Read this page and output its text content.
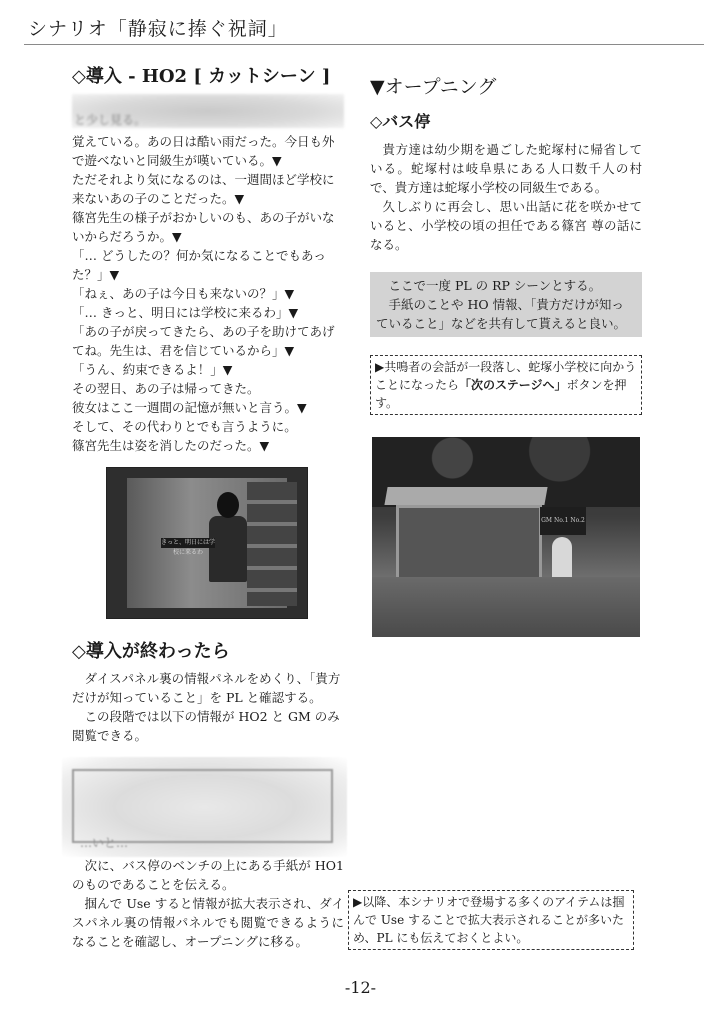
シナリオ「静寂に捧ぐ祝詞」
◇導入 - HO2 [ カットシーン ]
と少し見る。

覚えている。あの日は酷い雨だった。今日も外で遊べないと同級生が嘆いている。▼

ただそれより気になるのは、一週間ほど学校に来ないあの子のことだった。▼

篠宮先生の様子がおかしいのも、あの子がいないからだろうか。▼

「… どうしたの？何か気になることでもあった？」▼

「ねぇ、あの子は今日も来ないの？」▼

「… きっと、明日には学校に来るわ」▼

「あの子が戻ってきたら、あの子を助けてあげてね。先生は、君を信じているから」▼

「うん、約束できるよ！」▼

その翌日、あの子は帰ってきた。

彼女はここ一週間の記憶が無いと言う。▼

そして、その代わりとでも言うように。

篠宮先生は姿を消したのだった。▼

きっと、明日には学校に来るわ
◇導入が終わったら

ダイスパネル裏の情報パネルをめくり、「貴方だけが知っていること」を PL と確認する。

この段階では以下の情報が HO2 と GM のみ閲覧できる。

…いと…

次に、バス停のベンチの上にある手紙が HO1 のものであることを伝える。

掴んで Use すると情報が拡大表示され、ダイスパネル裏の情報パネルでも閲覧できるようになることを確認し、オープニングに移る。

▼オープニング
◇バス停

貴方達は幼少期を過ごした蛇塚村に帰省している。蛇塚村は岐阜県にある人口数千人の村で、貴方達は蛇塚小学校の同級生である。

久しぶりに再会し、思い出話に花を咲かせていると、小学校の頃の担任である篠宮 尊の話になる。

ここで一度 PL の RP シーンとする。

手紙のことや HO 情報、「貴方だけが知っていること」などを共有して貰えると良い。

▶共鳴者の会話が一段落し、蛇塚小学校に向かうことになったら「次のステージへ」ボタンを押す。
GM No.1 No.2
▶以降、本シナリオで登場する多くのアイテムは掴んで Use することで拡大表示されることが多いため、PL にも伝えておくとよい。
-12-
